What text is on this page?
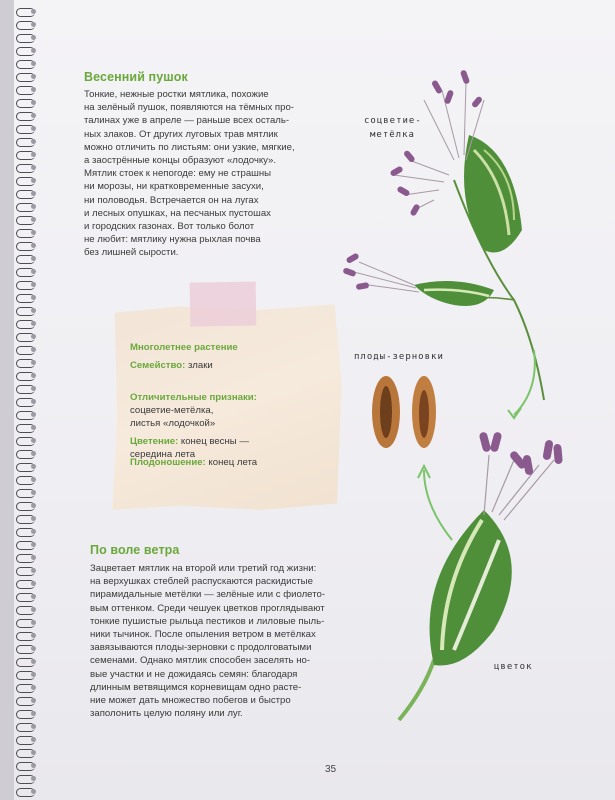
Весенний пушок

Тонкие, нежные ростки мятлика, похожие
на зелёный пушок, появляются на тёмных про-
талинах уже в апреле — раньше всех осталь-
ных злаков. От других луговых трав мятлик
можно отличить по листьям: они узкие, мягкие,
а заострённые концы образуют «лодочку».
Мятлик стоек к непогоде: ему не страшны
ни морозы, ни кратковременные засухи,
ни половодья. Встречается он на лугах
и лесных опушках, на песчаных пустошах
и городских газонах. Вот только болот
не любит: мятлику нужна рыхлая почва
без лишней сырости.

Многолетнее растение
Семейство: злаки

Отличительные признаки:
соцветие-метёлка,
листья «лодочкой»

Цветение: конец весны —
середина лета

Плодоношение: конец лета
По воле ветра

Зацветает мятлик на второй или третий год жизни:
на верхушках стеблей распускаются раскидистые
пирамидальные метёлки — зелёные или с фиолето-
вым оттенком. Среди чешуек цветков проглядывают
тонкие пушистые рыльца пестиков и лиловые пыль-
ники тычинок. После опыления ветром в метёлках
завязываются плоды-зерновки с продолговатыми
семенами. Однако мятлик способен заселять но-
вые участки и не дожидаясь семян: благодаря
длинным ветвящимся корневищам одно расте-
ние может дать множество побегов и быстро
заполонить целую поляну или луг.

соцветие-
метёлка
плоды-зерновки
цветок
35
